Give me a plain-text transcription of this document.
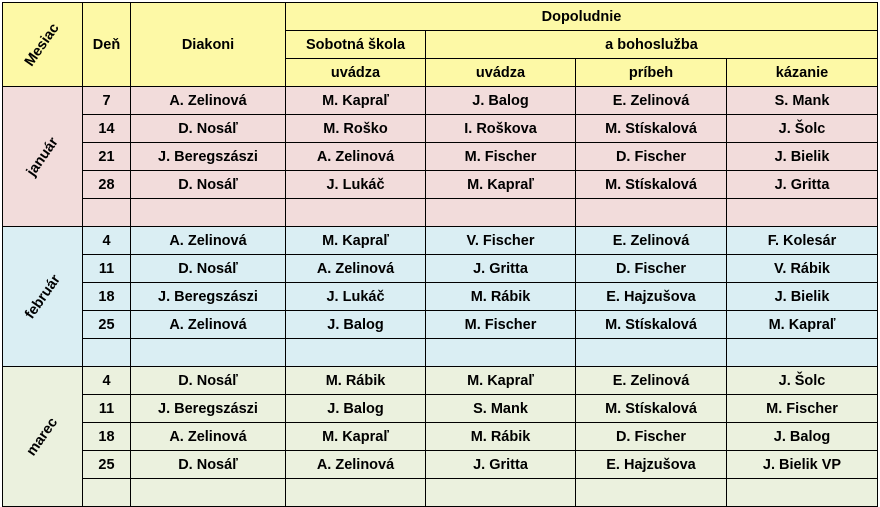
Mesiac	Deň	Diakoni	Dopoludnie			
			Sobotná škola	a bohoslužba		
			uvádza	uvádza	príbeh	kázanie
január	7	A. Zelinová	M. Kapraľ	J. Balog	E. Zelinová	S. Mank
	14	D. Nosáľ	M. Roško	I. Roškova	M. Stískalová	J. Šolc
	21	J. Beregszászi	A. Zelinová	M. Fischer	D. Fischer	J. Bielik
	28	D. Nosáľ	J. Lukáč	M. Kapraľ	M. Stískalová	J. Gritta

február	4	A. Zelinová	M. Kapraľ	V. Fischer	E. Zelinová	F. Kolesár
	11	D. Nosáľ	A. Zelinová	J. Gritta	D. Fischer	V. Rábik
	18	J. Beregszászi	J. Lukáč	M. Rábik	E. Hajzušova	J. Bielik
	25	A. Zelinová	J. Balog	M. Fischer	M. Stískalová	M. Kapraľ

marec	4	D. Nosáľ	M. Rábik	M. Kapraľ	E. Zelinová	J. Šolc
	11	J. Beregszászi	J. Balog	S. Mank	M. Stískalová	M. Fischer
	18	A. Zelinová	M. Kapraľ	M. Rábik	D. Fischer	J. Balog
	25	D. Nosáľ	A. Zelinová	J. Gritta	E. Hajzušova	J. Bielik VP
